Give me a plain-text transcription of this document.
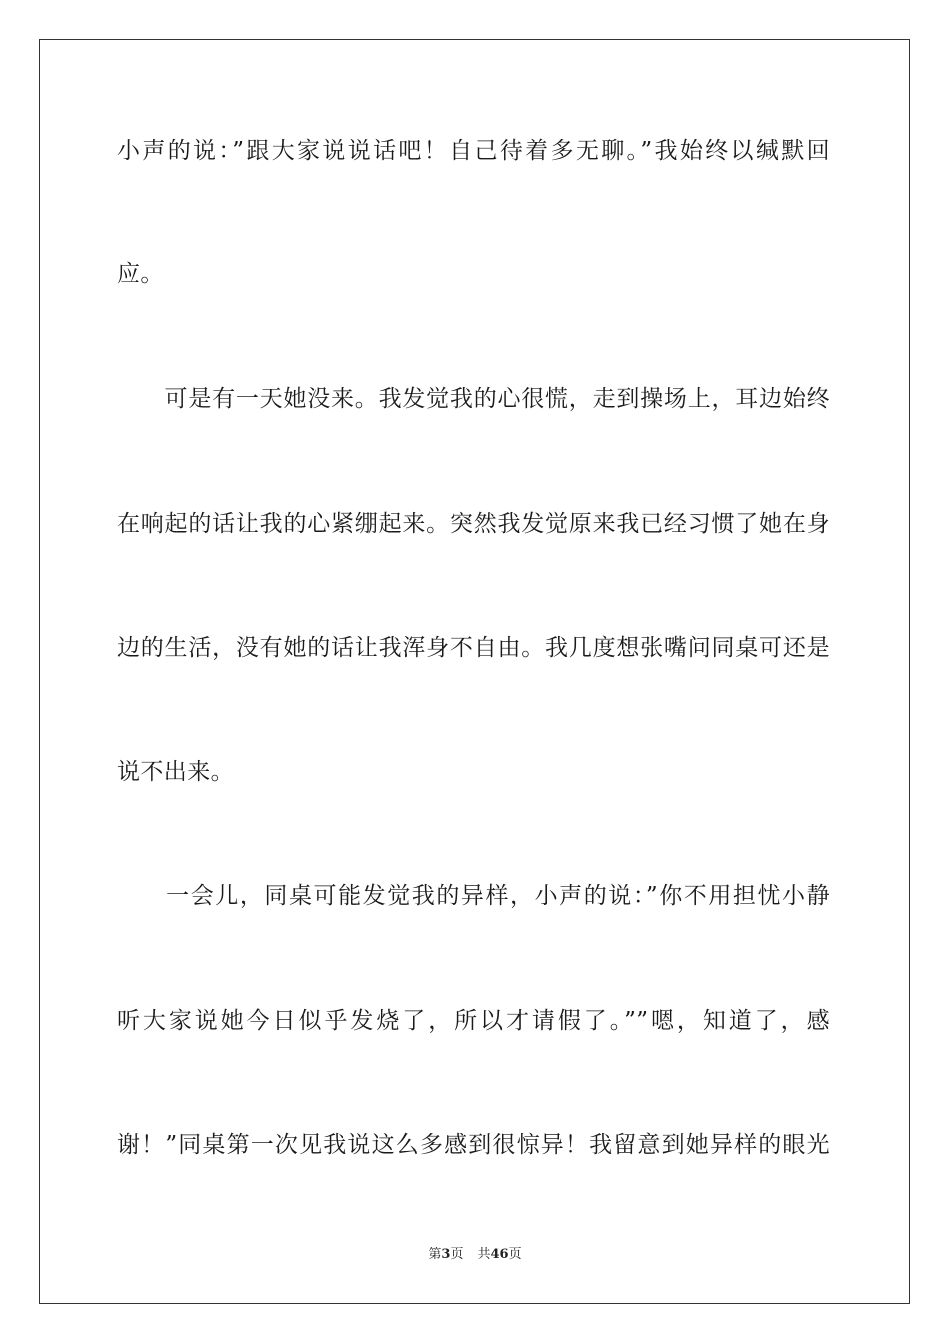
小声的说：”跟大家说说话吧！自己待着多无聊。”我始终以缄默回
应。
　　可是有一天她没来。我发觉我的心很慌，走到操场上，耳边始终
在响起的话让我的心紧绷起来。突然我发觉原来我已经习惯了她在身
边的生活，没有她的话让我浑身不自由。我几度想张嘴问同桌可还是
说不出来。
　　一会儿，同桌可能发觉我的异样，小声的说：”你不用担忧小静
听大家说她今日似乎发烧了，所以才请假了。””嗯，知道了，感
谢！”同桌第一次见我说这么多感到很惊异！我留意到她异样的眼光
第3页 共46页
